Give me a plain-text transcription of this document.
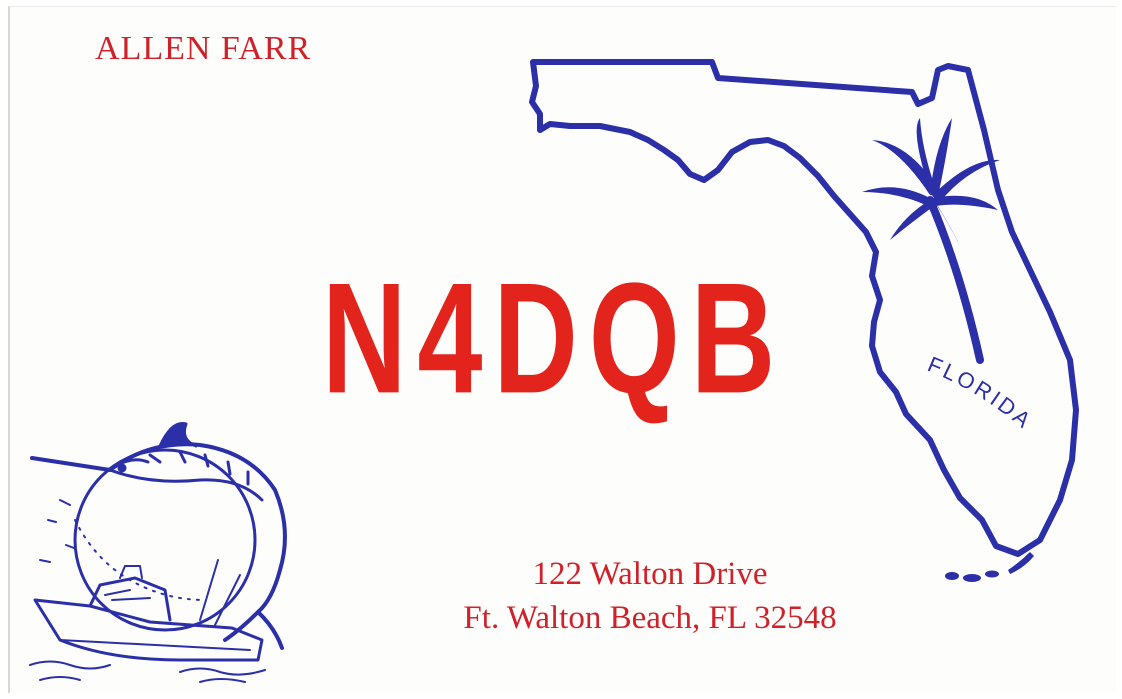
ALLEN FARR
FLORIDA
N4DQB
122 Walton Drive
Ft. Walton Beach, FL 32548
